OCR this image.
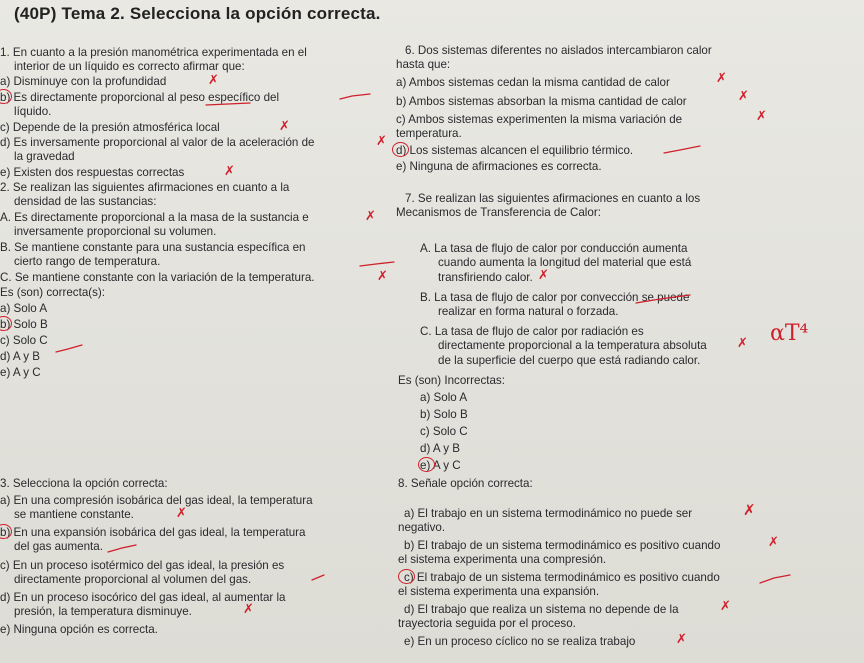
(40P) Tema 2. Selecciona la opción correcta.
1. En cuanto a la presión manométrica experimentada en el
interior de un líquido es correcto afirmar que:
a) Disminuye con la profundidad	✗
b) Es directamente proporcional al peso específico del
líquido.
c) Depende de la presión atmosférica local	✗
d) Es inversamente proporcional al valor de la aceleración de
la gravedad
✗
e) Existen dos respuestas correctas	✗
2. Se realizan las siguientes afirmaciones en cuanto a la
densidad de las sustancias:
A. Es directamente proporcional a la masa de la sustancia e
inversamente proporcional su volumen.
✗
B. Se mantiene constante para una sustancia específica en
cierto rango de temperatura.
C. Se mantiene constante con la variación de la temperatura.	✗
Es (son) correcta(s):
a) Solo A
b) Solo B
c) Solo C
d) A y B
e) A y C
3. Selecciona la opción correcta:
a) En una compresión isobárica del gas ideal, la temperatura
se mantiene constante.	✗
b) En una expansión isobárica del gas ideal, la temperatura
del gas aumenta.
c) En un proceso isotérmico del gas ideal, la presión es
directamente proporcional al volumen del gas.
d) En un proceso isocórico del gas ideal, al aumentar la
presión, la temperatura disminuye.	✗
e) Ninguna opción es correcta.
6. Dos sistemas diferentes no aislados intercambiaron calor
hasta que:
a) Ambos sistemas cedan la misma cantidad de calor	✗
b) Ambos sistemas absorban la misma cantidad de calor	✗
c) Ambos sistemas experimenten la misma variación de
temperatura.
✗
d) Los sistemas alcancen el equilibrio térmico.
e) Ninguna de afirmaciones es correcta.
7. Se realizan las siguientes afirmaciones en cuanto a los
Mecanismos de Transferencia de Calor:
A. La tasa de flujo de calor por conducción aumenta
cuando aumenta la longitud del material que está
transfiriendo calor. ✗
B. La tasa de flujo de calor por convección se puede
realizar en forma natural o forzada.
C. La tasa de flujo de calor por radiación es
directamente proporcional a la temperatura absoluta
de la superficie del cuerpo que está radiando calor.
✗ αT⁴
Es (son) Incorrectas:
a) Solo A
b) Solo B
c) Solo C
d) A y B
e) A y C
8. Señale opción correcta:
a) El trabajo en un sistema termodinámico no puede ser
negativo.
✗
b) El trabajo de un sistema termodinámico es positivo cuando
el sistema experimenta una compresión.
✗
c) El trabajo de un sistema termodinámico es positivo cuando
el sistema experimenta una expansión.
d) El trabajo que realiza un sistema no depende de la
trayectoria seguida por el proceso.
✗
e) En un proceso cíclico no se realiza trabajo	✗
